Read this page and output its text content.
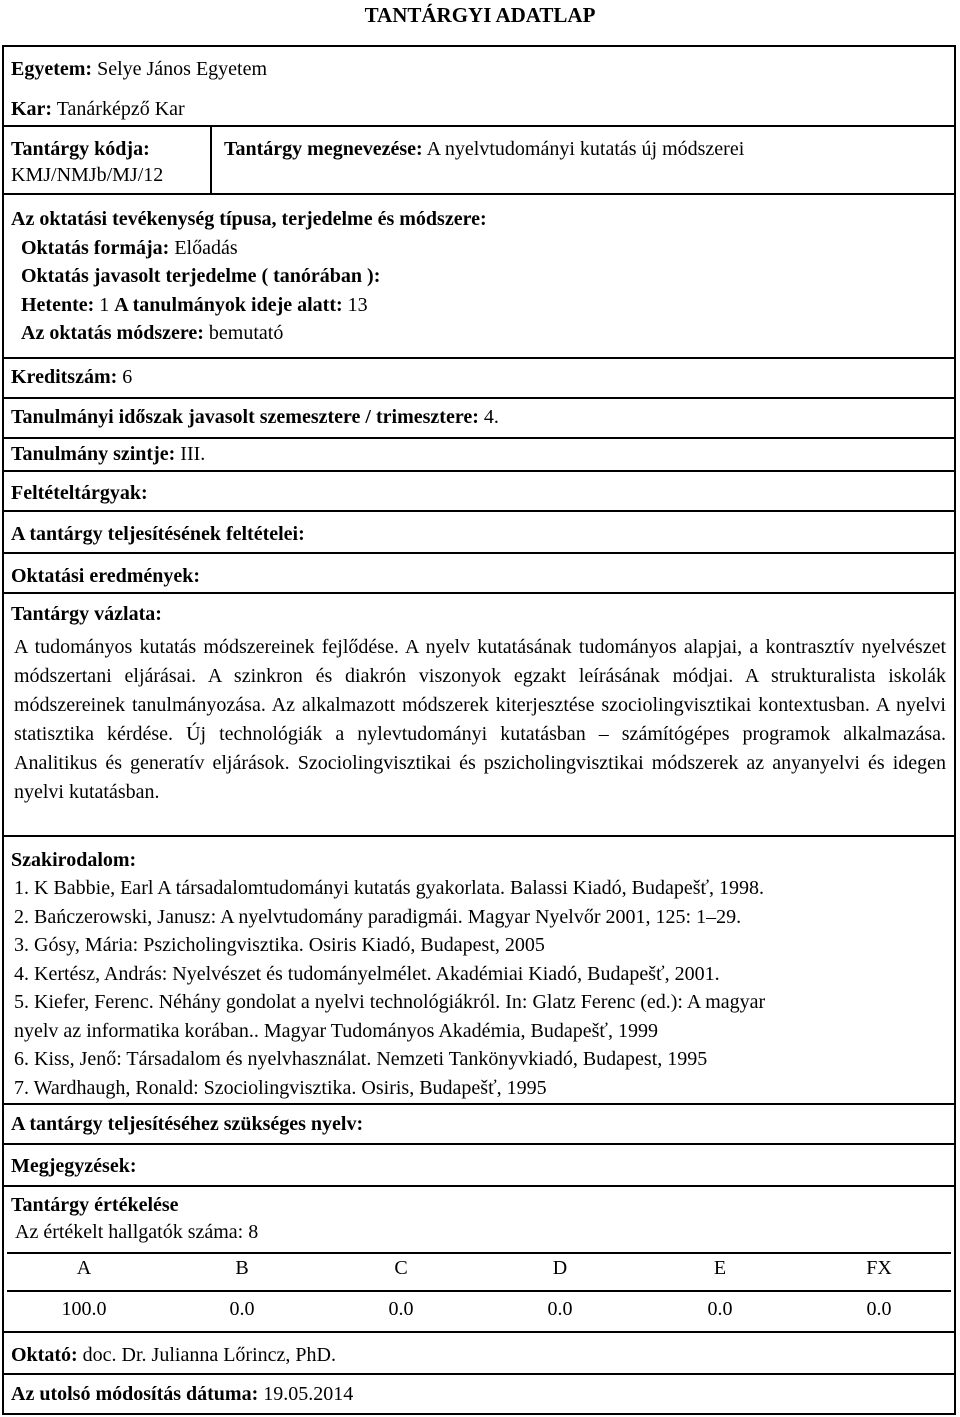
TANTÁRGYI ADATLAP
Egyetem: Selye János Egyetem
Kar: Tanárképző Kar
Tantárgy kódja:
KMJ/NMJb/MJ/12
Tantárgy megnevezése: A nyelvtudományi kutatás új módszerei
Az oktatási tevékenység típusa, terjedelme és módszere:
Oktatás formája: Előadás
Oktatás javasolt terjedelme ( tanórában ):
Hetente: 1 A tanulmányok ideje alatt: 13
Az oktatás módszere: bemutató
Kreditszám: 6
Tanulmányi időszak javasolt szemesztere / trimesztere: 4.
Tanulmány szintje: III.
Feltételtárgyak:
A tantárgy teljesítésének feltételei:
Oktatási eredmények:
Tantárgy vázlata:
A tudományos kutatás módszereinek fejlődése. A nyelv kutatásának tudományos alapjai, a kontrasztív nyelvészet módszertani eljárásai. A szinkron és diakrón viszonyok egzakt leírásának módjai. A strukturalista iskolák módszereinek tanulmányozása. Az alkalmazott módszerek kiterjesztése szociolingvisztikai kontextusban. A nyelvi statisztika kérdése. Új technológiák a nylevtudományi kutatásban – számítógépes programok alkalmazása. Analitikus és generatív eljárások. Szociolingvisztikai és pszicholingvisztikai módszerek az anyanyelvi és idegen nyelvi kutatásban.
Szakirodalom:
1. K Babbie, Earl A társadalomtudományi kutatás gyakorlata. Balassi Kiadó, Budapešť, 1998.
2. Bańczerowski, Janusz: A nyelvtudomány paradigmái. Magyar Nyelvőr 2001, 125: 1–29.
3. Gósy, Mária: Pszicholingvisztika. Osiris Kiadó, Budapest, 2005
4. Kertész, András: Nyelvészet és tudományelmélet. Akadémiai Kiadó, Budapešť, 2001.
5. Kiefer, Ferenc. Néhány gondolat a nyelvi technológiákról. In: Glatz Ferenc (ed.): A magyar
nyelv az informatika korában.. Magyar Tudományos Akadémia, Budapešť, 1999
6. Kiss, Jenő: Társadalom és nyelvhasználat. Nemzeti Tankönyvkiadó, Budapest, 1995
7. Wardhaugh, Ronald: Szociolingvisztika. Osiris, Budapešť, 1995
A tantárgy teljesítéséhez szükséges nyelv:
Megjegyzések:
Tantárgy értékelése
Az értékelt hallgatók száma: 8
A	B	C	D	E	FX
100.0	0.0	0.0	0.0	0.0	0.0
Oktató: doc. Dr. Julianna Lőrincz, PhD.
Az utolsó módosítás dátuma: 19.05.2014
